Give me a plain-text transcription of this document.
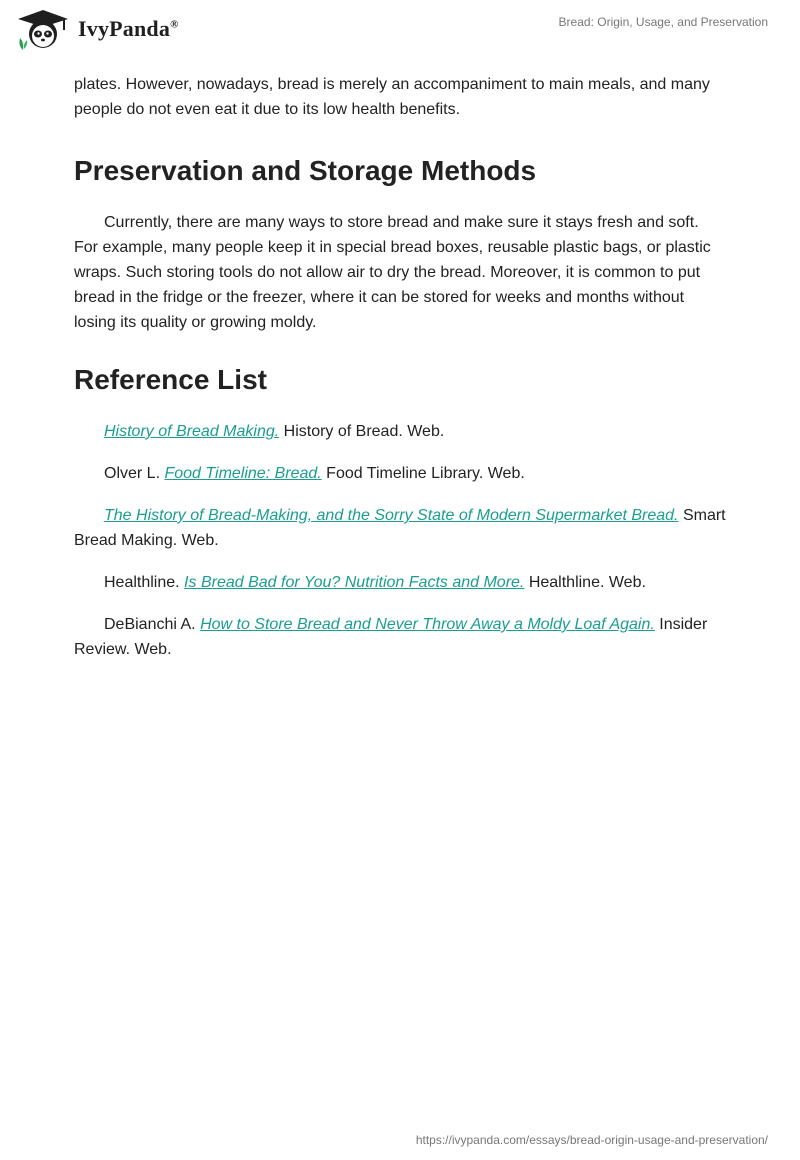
IvyPanda®	Bread: Origin, Usage, and Preservation

plates. However, nowadays, bread is merely an accompaniment to main meals, and many people do not even eat it due to its low health benefits.

Preservation and Storage Methods

Currently, there are many ways to store bread and make sure it stays fresh and soft. For example, many people keep it in special bread boxes, reusable plastic bags, or plastic wraps. Such storing tools do not allow air to dry the bread. Moreover, it is common to put bread in the fridge or the freezer, where it can be stored for weeks and months without losing its quality or growing moldy.

Reference List

History of Bread Making. History of Bread. Web.

Olver L. Food Timeline: Bread. Food Timeline Library. Web.

The History of Bread-Making, and the Sorry State of Modern Supermarket Bread. Smart Bread Making. Web.

Healthline. Is Bread Bad for You? Nutrition Facts and More. Healthline. Web.

DeBianchi A. How to Store Bread and Never Throw Away a Moldy Loaf Again. Insider Review. Web.

https://ivypanda.com/essays/bread-origin-usage-and-preservation/
